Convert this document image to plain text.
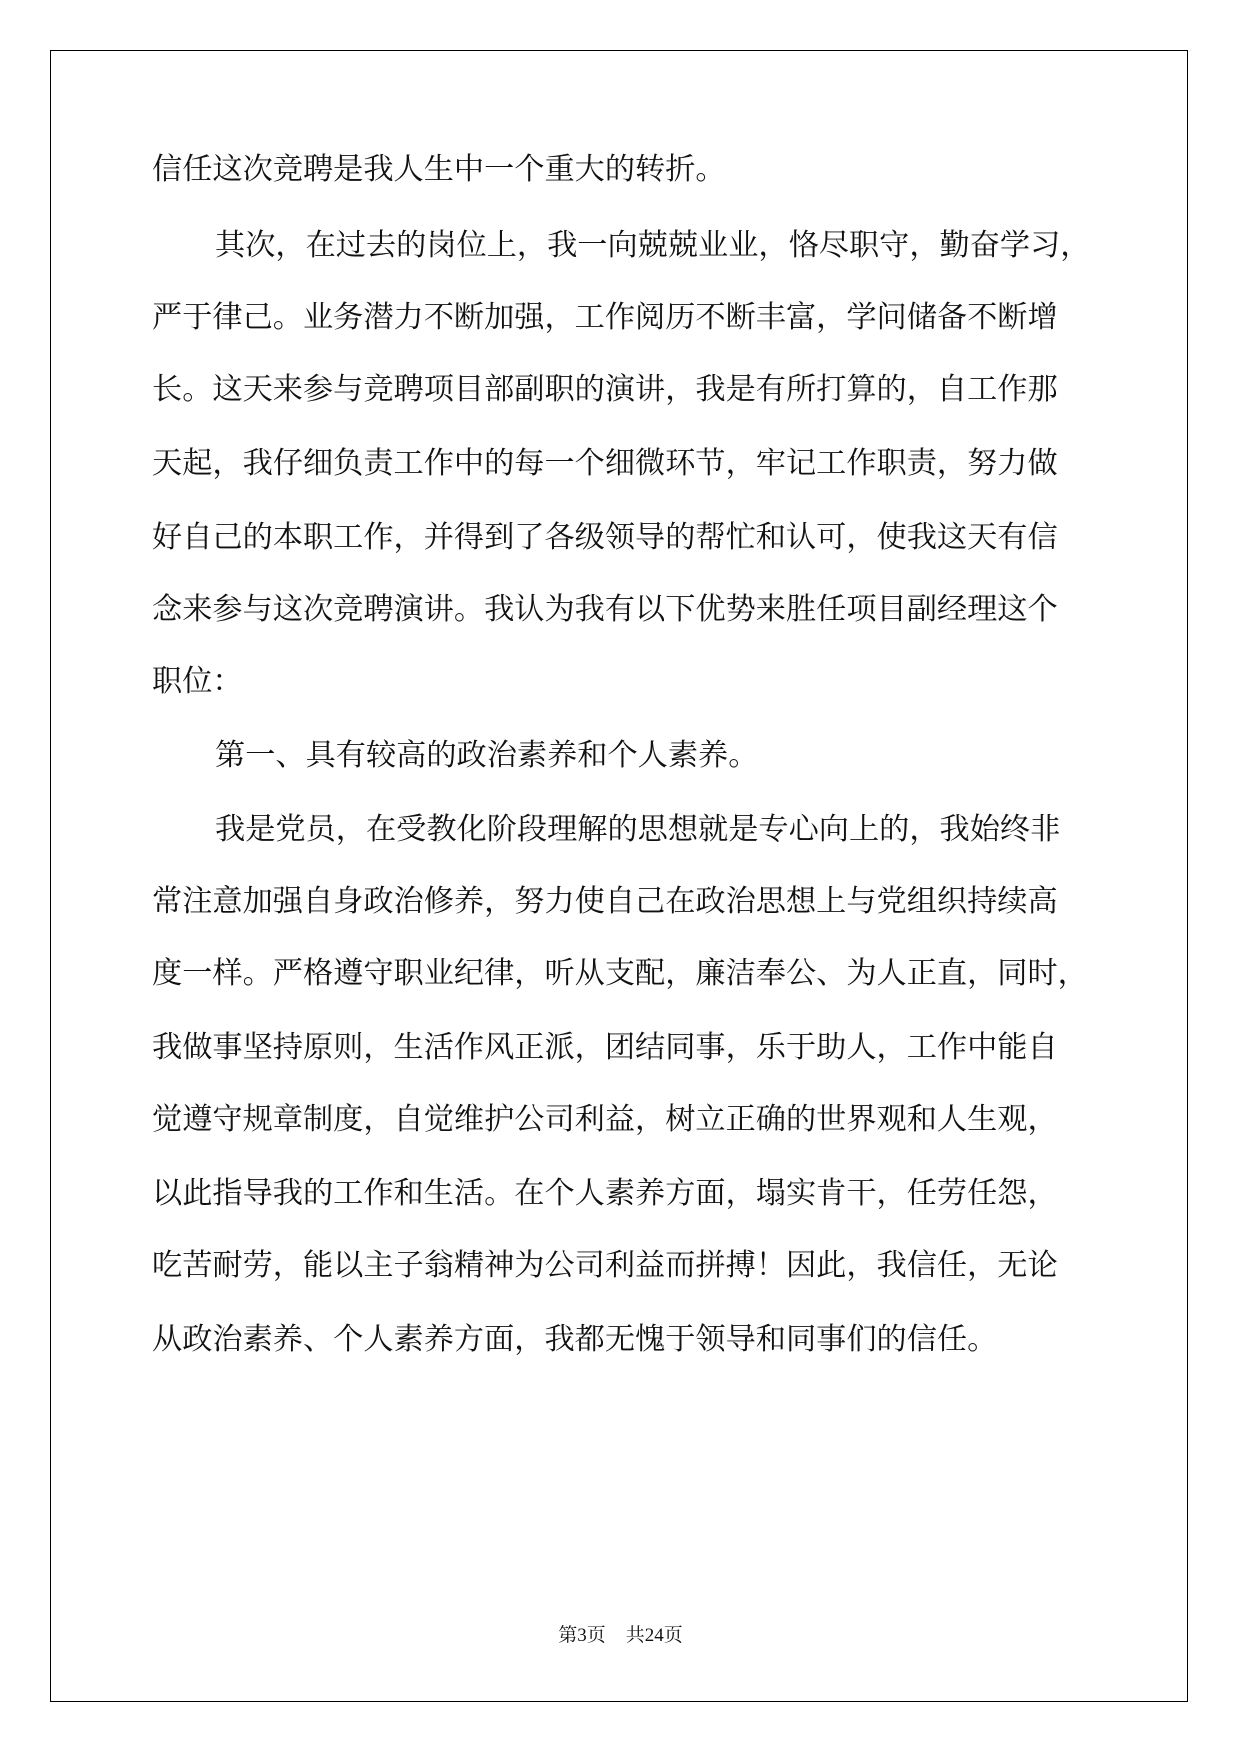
信任这次竞聘是我人生中一个重大的转折。
其次，在过去的岗位上，我一向兢兢业业，恪尽职守，勤奋学习，
严于律己。业务潜力不断加强，工作阅历不断丰富，学问储备不断增
长。这天来参与竞聘项目部副职的演讲，我是有所打算的，自工作那
天起，我仔细负责工作中的每一个细微环节，牢记工作职责，努力做
好自己的本职工作，并得到了各级领导的帮忙和认可，使我这天有信
念来参与这次竞聘演讲。我认为我有以下优势来胜任项目副经理这个
职位：
第一、具有较高的政治素养和个人素养。
我是党员，在受教化阶段理解的思想就是专心向上的，我始终非
常注意加强自身政治修养，努力使自己在政治思想上与党组织持续高
度一样。严格遵守职业纪律，听从支配，廉洁奉公、为人正直，同时，
我做事坚持原则，生活作风正派，团结同事，乐于助人，工作中能自
觉遵守规章制度，自觉维护公司利益，树立正确的世界观和人生观，
以此指导我的工作和生活。在个人素养方面，塌实肯干，任劳任怨，
吃苦耐劳，能以主子翁精神为公司利益而拼搏！因此，我信任，无论
从政治素养、个人素养方面，我都无愧于领导和同事们的信任。
第3页 共24页
